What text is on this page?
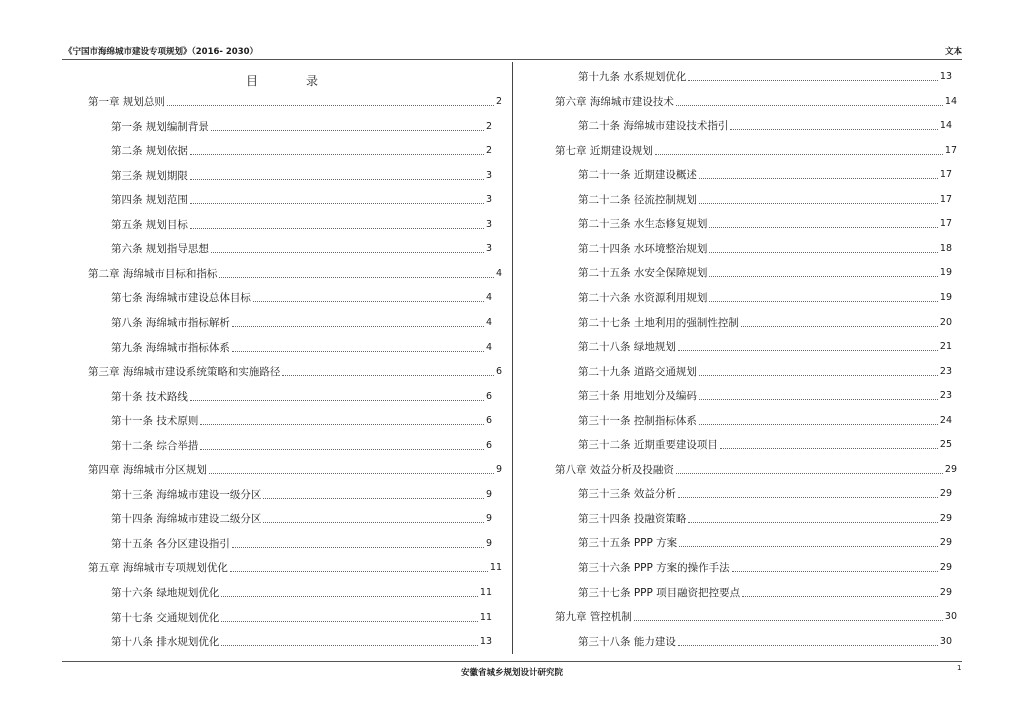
《宁国市海绵城市建设专项规划》（2016- 2030）	文本
目录
第一章 规划总则	2
第一条 规划编制背景	2
第二条 规划依据	2
第三条 规划期限	3
第四条 规划范围	3
第五条 规划目标	3
第六条 规划指导思想	3
第二章 海绵城市目标和指标	4
第七条 海绵城市建设总体目标	4
第八条 海绵城市指标解析	4
第九条 海绵城市指标体系	4
第三章 海绵城市建设系统策略和实施路径	6
第十条 技术路线	6
第十一条 技术原则	6
第十二条 综合举措	6
第四章 海绵城市分区规划	9
第十三条 海绵城市建设一级分区	9
第十四条 海绵城市建设二级分区	9
第十五条 各分区建设指引	9
第五章 海绵城市专项规划优化	11
第十六条 绿地规划优化	11
第十七条 交通规划优化	11
第十八条 排水规划优化	13
第十九条 水系规划优化	13
第六章 海绵城市建设技术	14
第二十条 海绵城市建设技术指引	14
第七章 近期建设规划	17
第二十一条 近期建设概述	17
第二十二条 径流控制规划	17
第二十三条 水生态修复规划	17
第二十四条 水环境整治规划	18
第二十五条 水安全保障规划	19
第二十六条 水资源利用规划	19
第二十七条 土地利用的强制性控制	20
第二十八条 绿地规划	21
第二十九条 道路交通规划	23
第三十条 用地划分及编码	23
第三十一条 控制指标体系	24
第三十二条 近期重要建设项目	25
第八章 效益分析及投融资	29
第三十三条 效益分析	29
第三十四条 投融资策略	29
第三十五条 PPP 方案	29
第三十六条 PPP 方案的操作手法	29
第三十七条 PPP 项目融资把控要点	29
第九章 管控机制	30
第三十八条 能力建设	30
安徽省城乡规划设计研究院	1
